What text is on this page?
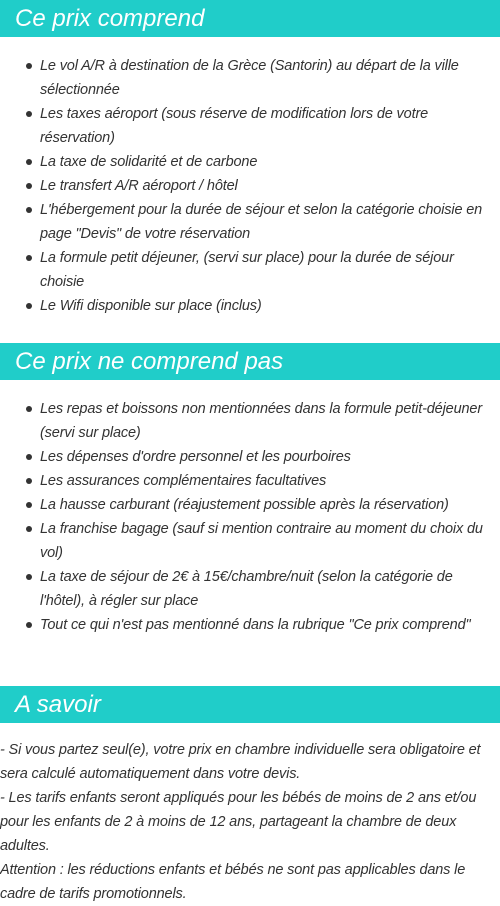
Ce prix comprend
Le vol A/R à destination de la Grèce (Santorin) au départ de la ville sélectionnée
Les taxes aéroport (sous réserve de modification lors de votre réservation)
La taxe de solidarité et de carbone
Le transfert A/R aéroport / hôtel
L'hébergement pour la durée de séjour et selon la catégorie choisie en page "Devis" de votre réservation
La formule petit déjeuner, (servi sur place) pour la durée de séjour choisie
Le Wifi disponible sur place (inclus)
Ce prix ne comprend pas
Les repas et boissons non mentionnées dans la formule petit-déjeuner (servi sur place)
Les dépenses d'ordre personnel et les pourboires
Les assurances complémentaires facultatives
La hausse carburant (réajustement possible après la réservation)
La franchise bagage (sauf si mention contraire au moment du choix du vol)
La taxe de séjour de 2€ à 15€/chambre/nuit (selon la catégorie de l'hôtel), à régler sur place
Tout ce qui n'est pas mentionné dans la rubrique "Ce prix comprend"
A savoir
- Si vous partez seul(e), votre prix en chambre individuelle sera obligatoire et sera calculé automatiquement dans votre devis.
- Les tarifs enfants seront appliqués pour les bébés de moins de 2 ans et/ou pour les enfants de 2 à moins de 12 ans, partageant la chambre de deux adultes.
Attention : les réductions enfants et bébés ne sont pas applicables dans le cadre de tarifs promotionnels.
